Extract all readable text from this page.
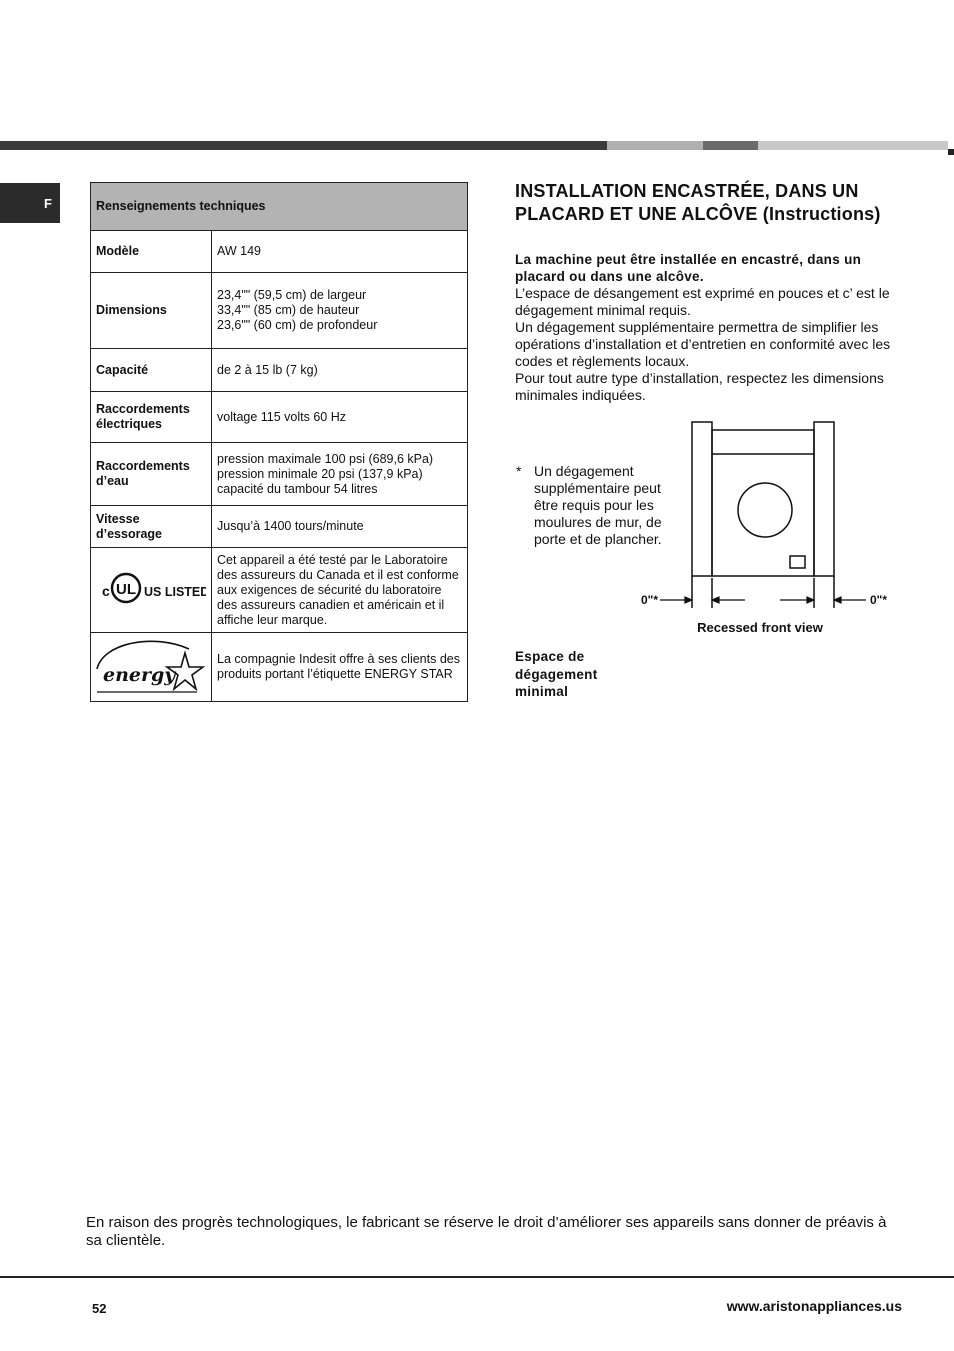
F	Renseignements techniques	
Modèle	AW 149

Dimensions	23,4"" (59,5 cm) de largeur
33,4"" (85 cm) de hauteur
23,6"" (60 cm) de profondeur

Capacité	de 2 à 15 lb (7 kg)

Raccordements électriques	voltage 115 volts 60 Hz

Raccordements d’eau	pression maximale 100 psi (689,6 kPa)
pression minimale 20 psi (137,9 kPa)
capacité du tambour 54 litres

Vitesse d’essorage	Jusqu’à 1400 tours/minute

c UL US LISTED	Cet appareil a été testé par le Laboratoire des assureurs du Canada et il est conforme aux exigences de sécurité du laboratoire des assureurs canadien et américain et il affiche leur marque.

energy	La compagnie Indesit offre à ses clients des produits portant l’étiquette ENERGY STAR
INSTALLATION ENCASTRÉE, DANS UN
PLACARD ET UNE ALCÔVE (Instructions)
La machine peut être installée en encastré, dans un placard ou dans une alcôve.
L’espace de désangement est exprimé en pouces et c’ est le dégagement minimal requis.
Un dégagement supplémentaire permettra de simplifier les opérations d’installation et d’entretien en conformité avec les codes et règlements locaux.
Pour tout autre type d’installation, respectez les dimensions minimales indiquées.
* Un dégagement supplémentaire peut être requis pour les moulures de mur, de porte et de plancher.
0"*	0"*
Recessed front view
Espace de dégagement minimal
En raison des progrès technologiques, le fabricant se réserve le droit d’améliorer ses appareils sans donner de préavis à sa clientèle.
52	www.aristonappliances.us
